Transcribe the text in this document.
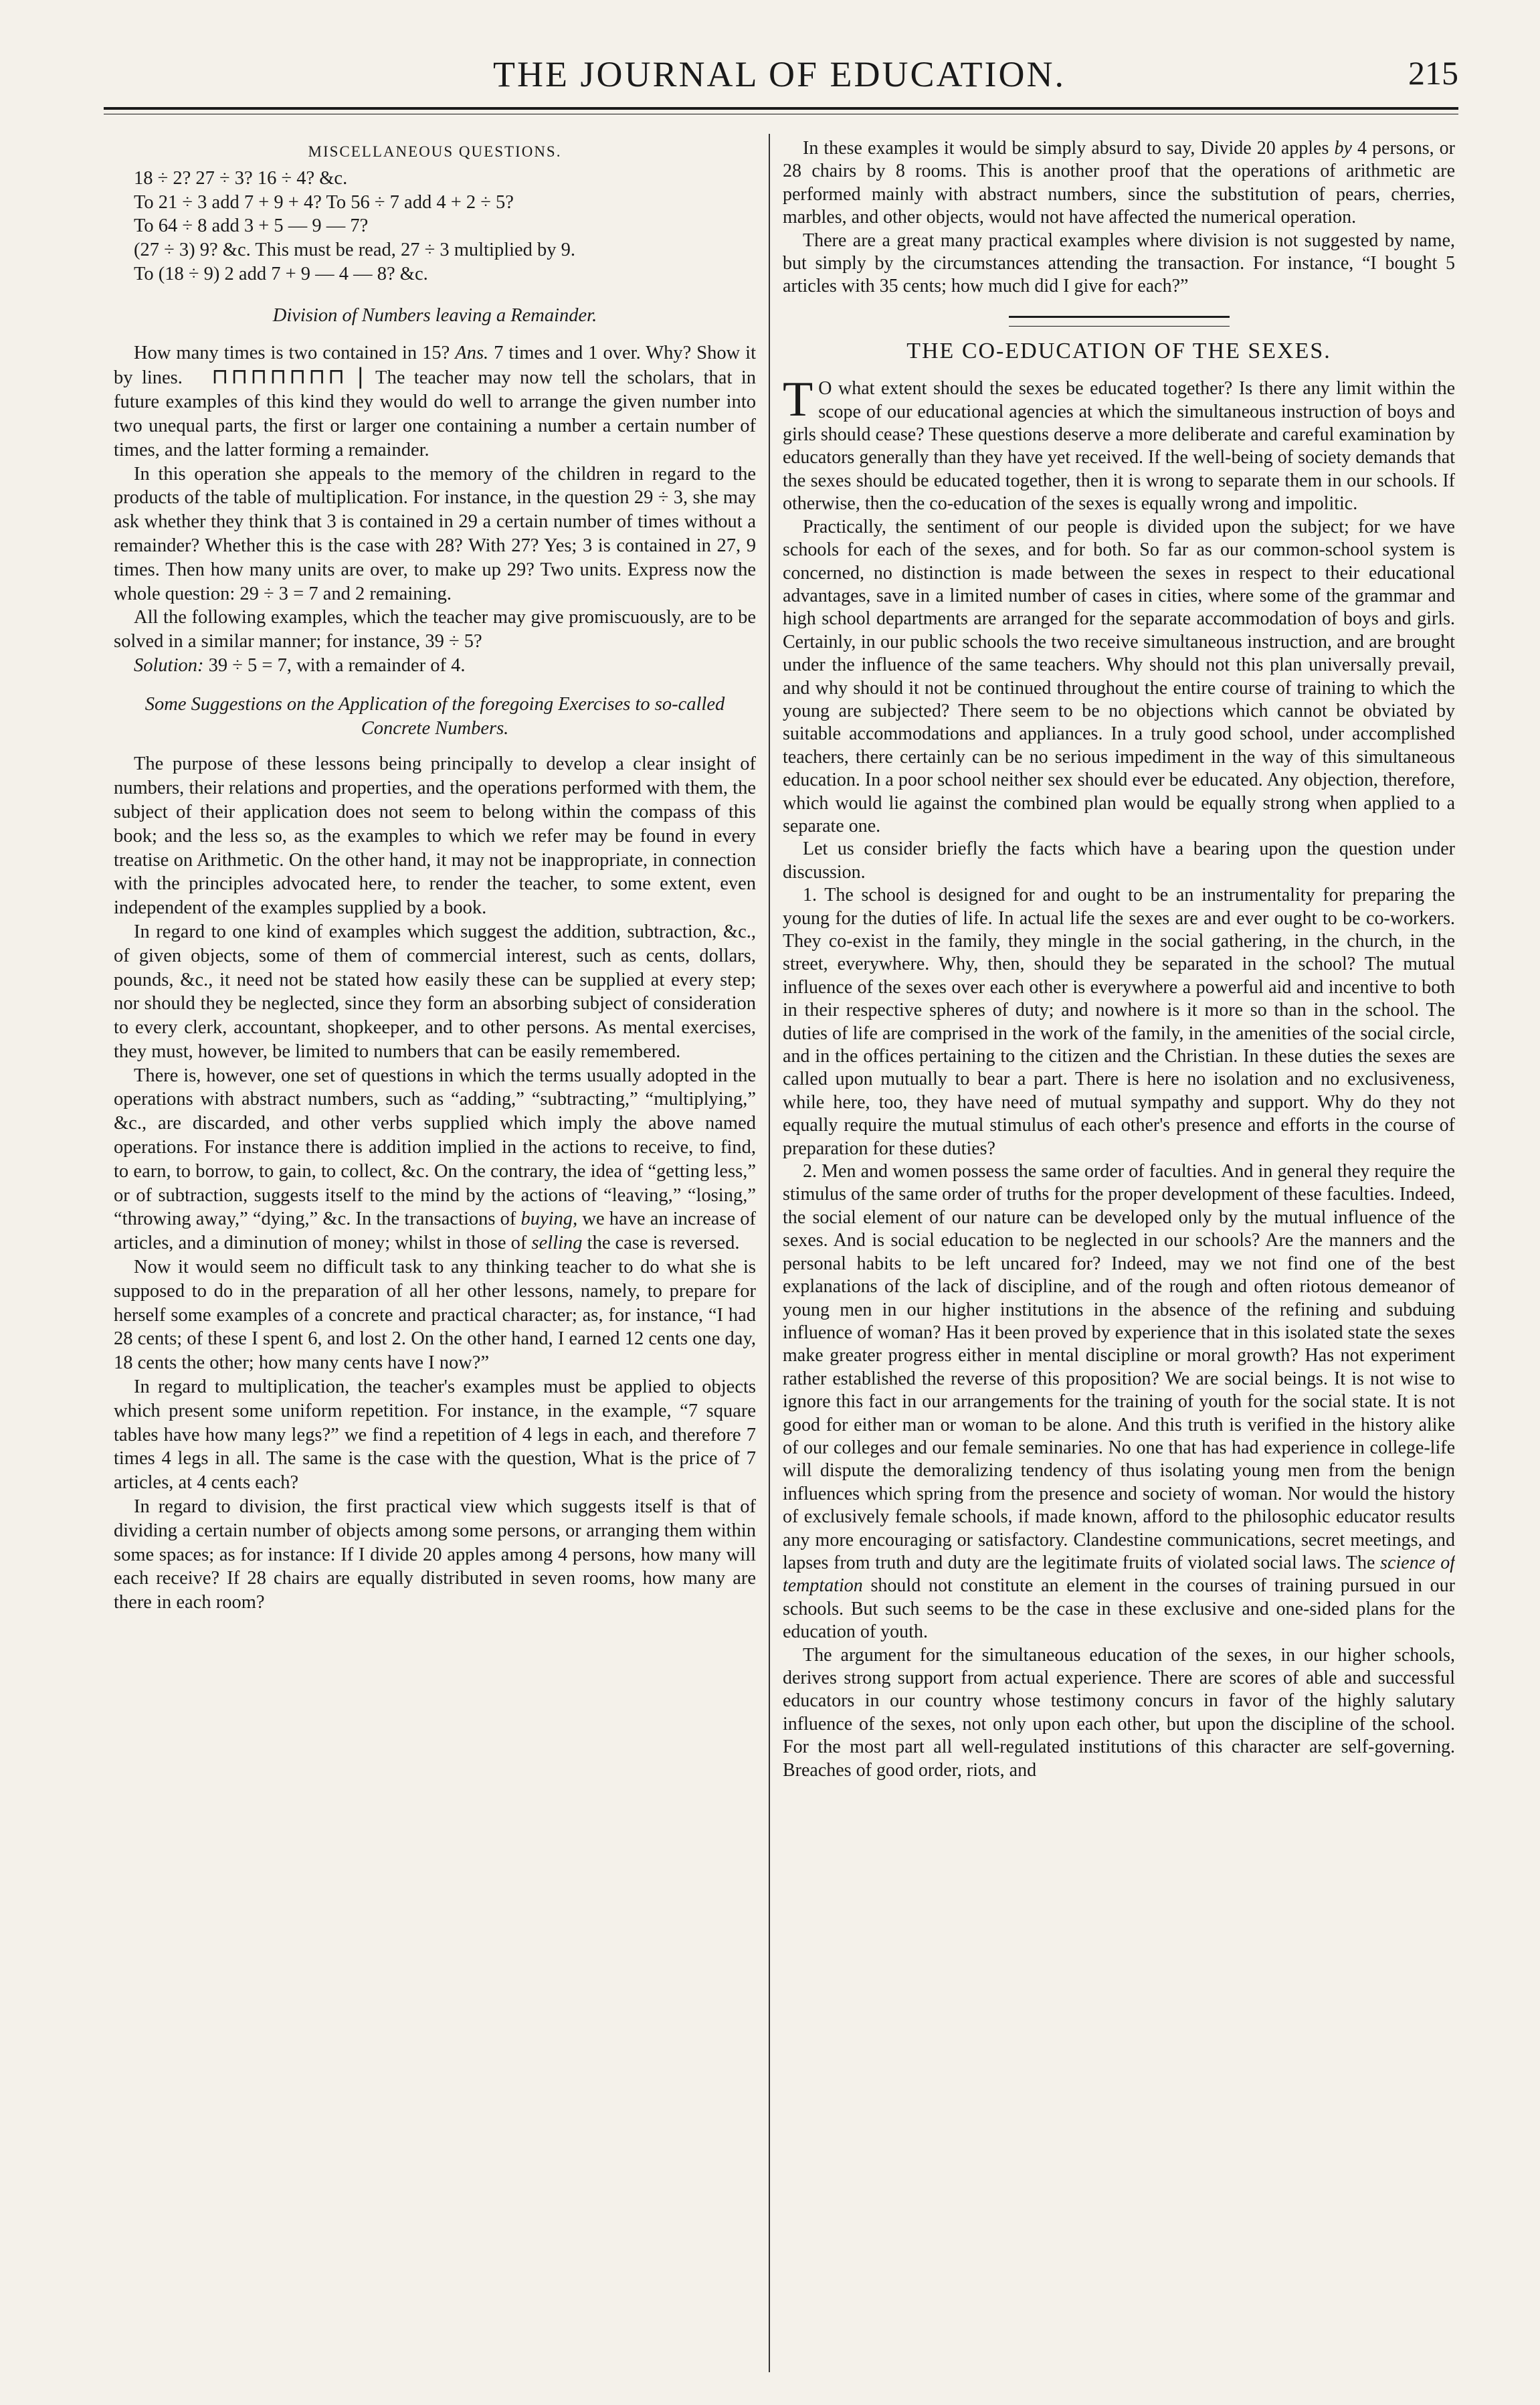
THE JOURNAL OF EDUCATION.	215

MISCELLANEOUS QUESTIONS.

18 ÷ 2? 27 ÷ 3? 16 ÷ 4? &c.

To 21 ÷ 3 add 7 + 9 + 4? To 56 ÷ 7 add 4 + 2 ÷ 5?

To 64 ÷ 8 add 3 + 5 — 9 — 7?

(27 ÷ 3) 9? &c. This must be read, 27 ÷ 3 multiplied by 9.

To (18 ÷ 9) 2 add 7 + 9 — 4 — 8? &c.

Division of Numbers leaving a Remainder.

How many times is two contained in 15? Ans. 7 times and 1 over. Why? Show it by lines. ⊓⊓⊓⊓⊓⊓⊓ | The teacher may now tell the scholars, that in future examples of this kind they would do well to arrange the given number into two unequal parts, the first or larger one containing a number a certain number of times, and the latter forming a remainder.

In this operation she appeals to the memory of the children in regard to the products of the table of multiplication. For instance, in the question 29 ÷ 3, she may ask whether they think that 3 is contained in 29 a certain number of times without a remainder? Whether this is the case with 28? With 27? Yes; 3 is contained in 27, 9 times. Then how many units are over, to make up 29? Two units. Express now the whole question: 29 ÷ 3 = 7 and 2 remaining.

All the following examples, which the teacher may give promiscuously, are to be solved in a similar manner; for instance, 39 ÷ 5?

Solution: 39 ÷ 5 = 7, with a remainder of 4.

Some Suggestions on the Application of the foregoing Exercises to so-called Concrete Numbers.

The purpose of these lessons being principally to develop a clear insight of numbers, their relations and properties, and the operations performed with them, the subject of their application does not seem to belong within the compass of this book; and the less so, as the examples to which we refer may be found in every treatise on Arithmetic. On the other hand, it may not be inappropriate, in connection with the principles advocated here, to render the teacher, to some extent, even independent of the examples supplied by a book.

In regard to one kind of examples which suggest the addition, subtraction, &c., of given objects, some of them of commercial interest, such as cents, dollars, pounds, &c., it need not be stated how easily these can be supplied at every step; nor should they be neglected, since they form an absorbing subject of consideration to every clerk, accountant, shopkeeper, and to other persons. As mental exercises, they must, however, be limited to numbers that can be easily remembered.

There is, however, one set of questions in which the terms usually adopted in the operations with abstract numbers, such as “adding,” “subtracting,” “multiplying,” &c., are discarded, and other verbs supplied which imply the above named operations. For instance there is addition implied in the actions to receive, to find, to earn, to borrow, to gain, to collect, &c. On the contrary, the idea of “getting less,” or of subtraction, suggests itself to the mind by the actions of “leaving,” “losing,” “throwing away,” “dying,” &c. In the transactions of buying, we have an increase of articles, and a diminution of money; whilst in those of selling the case is reversed.

Now it would seem no difficult task to any thinking teacher to do what she is supposed to do in the preparation of all her other lessons, namely, to prepare for herself some examples of a concrete and practical character; as, for instance, “I had 28 cents; of these I spent 6, and lost 2. On the other hand, I earned 12 cents one day, 18 cents the other; how many cents have I now?”

In regard to multiplication, the teacher's examples must be applied to objects which present some uniform repetition. For instance, in the example, “7 square tables have how many legs?” we find a repetition of 4 legs in each, and therefore 7 times 4 legs in all. The same is the case with the question, What is the price of 7 articles, at 4 cents each?

In regard to division, the first practical view which suggests itself is that of dividing a certain number of objects among some persons, or arranging them within some spaces; as for instance: If I divide 20 apples among 4 persons, how many will each receive? If 28 chairs are equally distributed in seven rooms, how many are there in each room?

In these examples it would be simply absurd to say, Divide 20 apples by 4 persons, or 28 chairs by 8 rooms. This is another proof that the operations of arithmetic are performed mainly with abstract numbers, since the substitution of pears, cherries, marbles, and other objects, would not have affected the numerical operation.

There are a great many practical examples where division is not suggested by name, but simply by the circumstances attending the transaction. For instance, “I bought 5 articles with 35 cents; how much did I give for each?”

THE CO-EDUCATION OF THE SEXES.

T O what extent should the sexes be educated together? Is there any limit within the scope of our educational agencies at which the simultaneous instruction of boys and girls should cease? These questions deserve a more deliberate and careful examination by educators generally than they have yet received. If the well-being of society demands that the sexes should be educated together, then it is wrong to separate them in our schools. If otherwise, then the co-education of the sexes is equally wrong and impolitic.

Practically, the sentiment of our people is divided upon the subject; for we have schools for each of the sexes, and for both. So far as our common-school system is concerned, no distinction is made between the sexes in respect to their educational advantages, save in a limited number of cases in cities, where some of the grammar and high school departments are arranged for the separate accommodation of boys and girls. Certainly, in our public schools the two receive simultaneous instruction, and are brought under the influence of the same teachers. Why should not this plan universally prevail, and why should it not be continued throughout the entire course of training to which the young are subjected? There seem to be no objections which cannot be obviated by suitable accommodations and appliances. In a truly good school, under accomplished teachers, there certainly can be no serious impediment in the way of this simultaneous education. In a poor school neither sex should ever be educated. Any objection, therefore, which would lie against the combined plan would be equally strong when applied to a separate one.

Let us consider briefly the facts which have a bearing upon the question under discussion.

1. The school is designed for and ought to be an instrumentality for preparing the young for the duties of life. In actual life the sexes are and ever ought to be co-workers. They co-exist in the family, they mingle in the social gathering, in the church, in the street, everywhere. Why, then, should they be separated in the school? The mutual influence of the sexes over each other is everywhere a powerful aid and incentive to both in their respective spheres of duty; and nowhere is it more so than in the school. The duties of life are comprised in the work of the family, in the amenities of the social circle, and in the offices pertaining to the citizen and the Christian. In these duties the sexes are called upon mutually to bear a part. There is here no isolation and no exclusiveness, while here, too, they have need of mutual sympathy and support. Why do they not equally require the mutual stimulus of each other's presence and efforts in the course of preparation for these duties?

2. Men and women possess the same order of faculties. And in general they require the stimulus of the same order of truths for the proper development of these faculties. Indeed, the social element of our nature can be developed only by the mutual influence of the sexes. And is social education to be neglected in our schools? Are the manners and the personal habits to be left uncared for? Indeed, may we not find one of the best explanations of the lack of discipline, and of the rough and often riotous demeanor of young men in our higher institutions in the absence of the refining and subduing influence of woman? Has it been proved by experience that in this isolated state the sexes make greater progress either in mental discipline or moral growth? Has not experiment rather established the reverse of this proposition? We are social beings. It is not wise to ignore this fact in our arrangements for the training of youth for the social state. It is not good for either man or woman to be alone. And this truth is verified in the history alike of our colleges and our female seminaries. No one that has had experience in college-life will dispute the demoralizing tendency of thus isolating young men from the benign influences which spring from the presence and society of woman. Nor would the history of exclusively female schools, if made known, afford to the philosophic educator results any more encouraging or satisfactory. Clandestine communications, secret meetings, and lapses from truth and duty are the legitimate fruits of violated social laws. The science of temptation should not constitute an element in the courses of training pursued in our schools. But such seems to be the case in these exclusive and one-sided plans for the education of youth.

The argument for the simultaneous education of the sexes, in our higher schools, derives strong support from actual experience. There are scores of able and successful educators in our country whose testimony concurs in favor of the highly salutary influence of the sexes, not only upon each other, but upon the discipline of the school. For the most part all well-regulated institutions of this character are self-governing. Breaches of good order, riots, and
